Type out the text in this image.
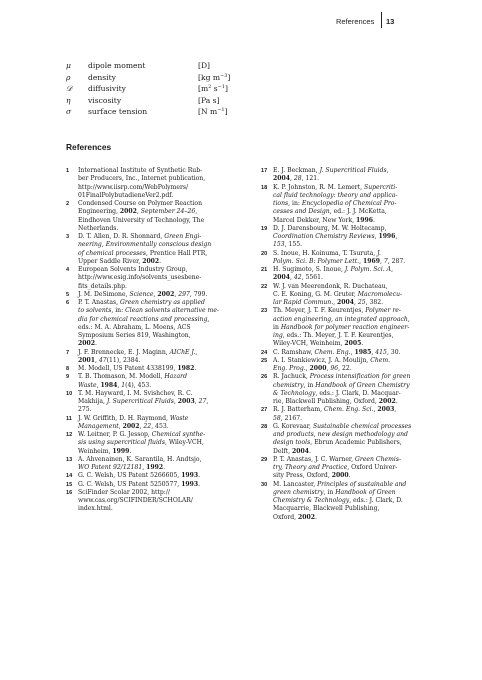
References 13
μ	dipole moment	[D]
ρ	density	[kg $m^{-3}$]
𝒟	diffusivity	[$m^2$ $s^{-1}$]
η	viscosity	[Pa s]
σ	surface tension	[N $m^{-1}$]
References
1 International Institute of Synthetic Rub-
ber Producers, Inc., Internet publication,
http://www.iisrp.com/WebPolymers/
01FinalPolybutadieneVer2.pdf.
2 Condensed Course on Polymer Reaction
Engineering, 2002, September 24–26,
Eindhoven University of Technology, The
Netherlands.
3 D. T. Allen, D. R. Shonnard, Green Engi-
neering, Environmentally conscious design
of chemical processes, Prentice Hall PTR,
Upper Saddle River, 2002.
4 European Solvents Industry Group,
http://www.esig.info/solvents_usesbene-
fits_details.php.
5 J. M. DeSimone, Science, 2002, 297, 799.
6 P. T. Anastas, Green chemistry as applied
to solvents, in: Clean solvents alternative me-
dia for chemical reactions and processing,
eds.: M. A. Abraham, L. Moens, ACS
Symposium Series 819, Washington,
2002.
7 J. F. Brennecke, E. J. Maginn, AIChE J.,
2001, 47(11), 2384.
8 M. Modell, US Patent 4338199, 1982.
9 T. B. Thomason, M. Modell, Hazard
Waste, 1984, 1(4), 453.
10 T. M. Hayward, I. M. Svishchev, R. C.
Makhija, J. Supercritical Fluids, 2003, 27,
275.
11 J. W. Griffith, D. H. Raymond, Waste
Management, 2002, 22, 453.
12 W. Leitner, P. G. Jessop, Chemical synthe-
sis using supercritical fluids, Wiley-VCH,
Weinheim, 1999.
13 A. Ahvenainen, K. Sarantila, H. Andtsjo,
WO Patent 92/12181, 1992.
14 G. C. Welsh, US Patent 5266605, 1993.
15 G. C. Welsh, US Patent 5250577, 1993.
16 SciFinder Scolar 2002, http://
www.cas.org/SCIFINDER/SCHOLAR/
index.html.
17 E. J. Beckman, J. Supercritical Fluids,
2004, 28, 121.
18 K. P. Johnston, R. M. Lemert, Supercriti-
cal fluid technology: theory and applica-
tions, in: Encyclopedia of Chemical Pro-
cesses and Design, ed.: J. J. McKetta,
Marcel Dekker, New York, 1996.
19 D. J. Darensbourg, M. W. Holtecamp,
Coordination Chemistry Reviews, 1996,
153, 155.
20 S. Inoue, H. Koinuma, T. Tsuruta, J.
Polym. Sci. B: Polymer Lett., 1969, 7, 287.
21 H. Sugimoto, S. Inoue, J. Polym. Sci. A,
2004, 42, 5561.
22 W. J. van Meerendonk, R. Duchateau,
C. E. Koning, G. M. Gruter, Macromolecu-
lar Rapid Commun., 2004, 25, 382.
23 Th. Meyer, J. T. F. Keurentjes, Polymer re-
action engineering, an integrated approach,
in Handbook for polymer reaction engineer-
ing, eds.: Th. Meyer, J. T. F. Keurentjes,
Wiley-VCH, Weinheim, 2005.
24 C. Ramshaw, Chem. Eng., 1985, 415, 30.
25 A. I. Stankiewicz, J. A. Moulijn, Chem.
Eng. Prog., 2000, 96, 22.
26 R. Jachuck, Process intensification for green
chemistry, in Handbook of Green Chemistry
& Technology, eds.: J. Clark, D. Macquar-
rie, Blackwell Publishing, Oxford, 2002.
27 R. J. Batterham, Chem. Eng. Sci., 2003,
58, 2167.
28 G. Korevaar, Sustainable chemical processes
and products, new design methodology and
design tools, Ebrun Academic Publishers,
Delft, 2004.
29 P. T. Anastas, J. C. Warner, Green Chemis-
try, Theory and Practice, Oxford Univer-
sity Press, Oxford, 2000.
30 M. Lancaster, Principles of sustainable and
green chemistry, in Handbook of Green
Chemistry & Technology, eds.: J. Clark, D.
Macquarrie, Blackwell Publishing,
Oxford, 2002.
